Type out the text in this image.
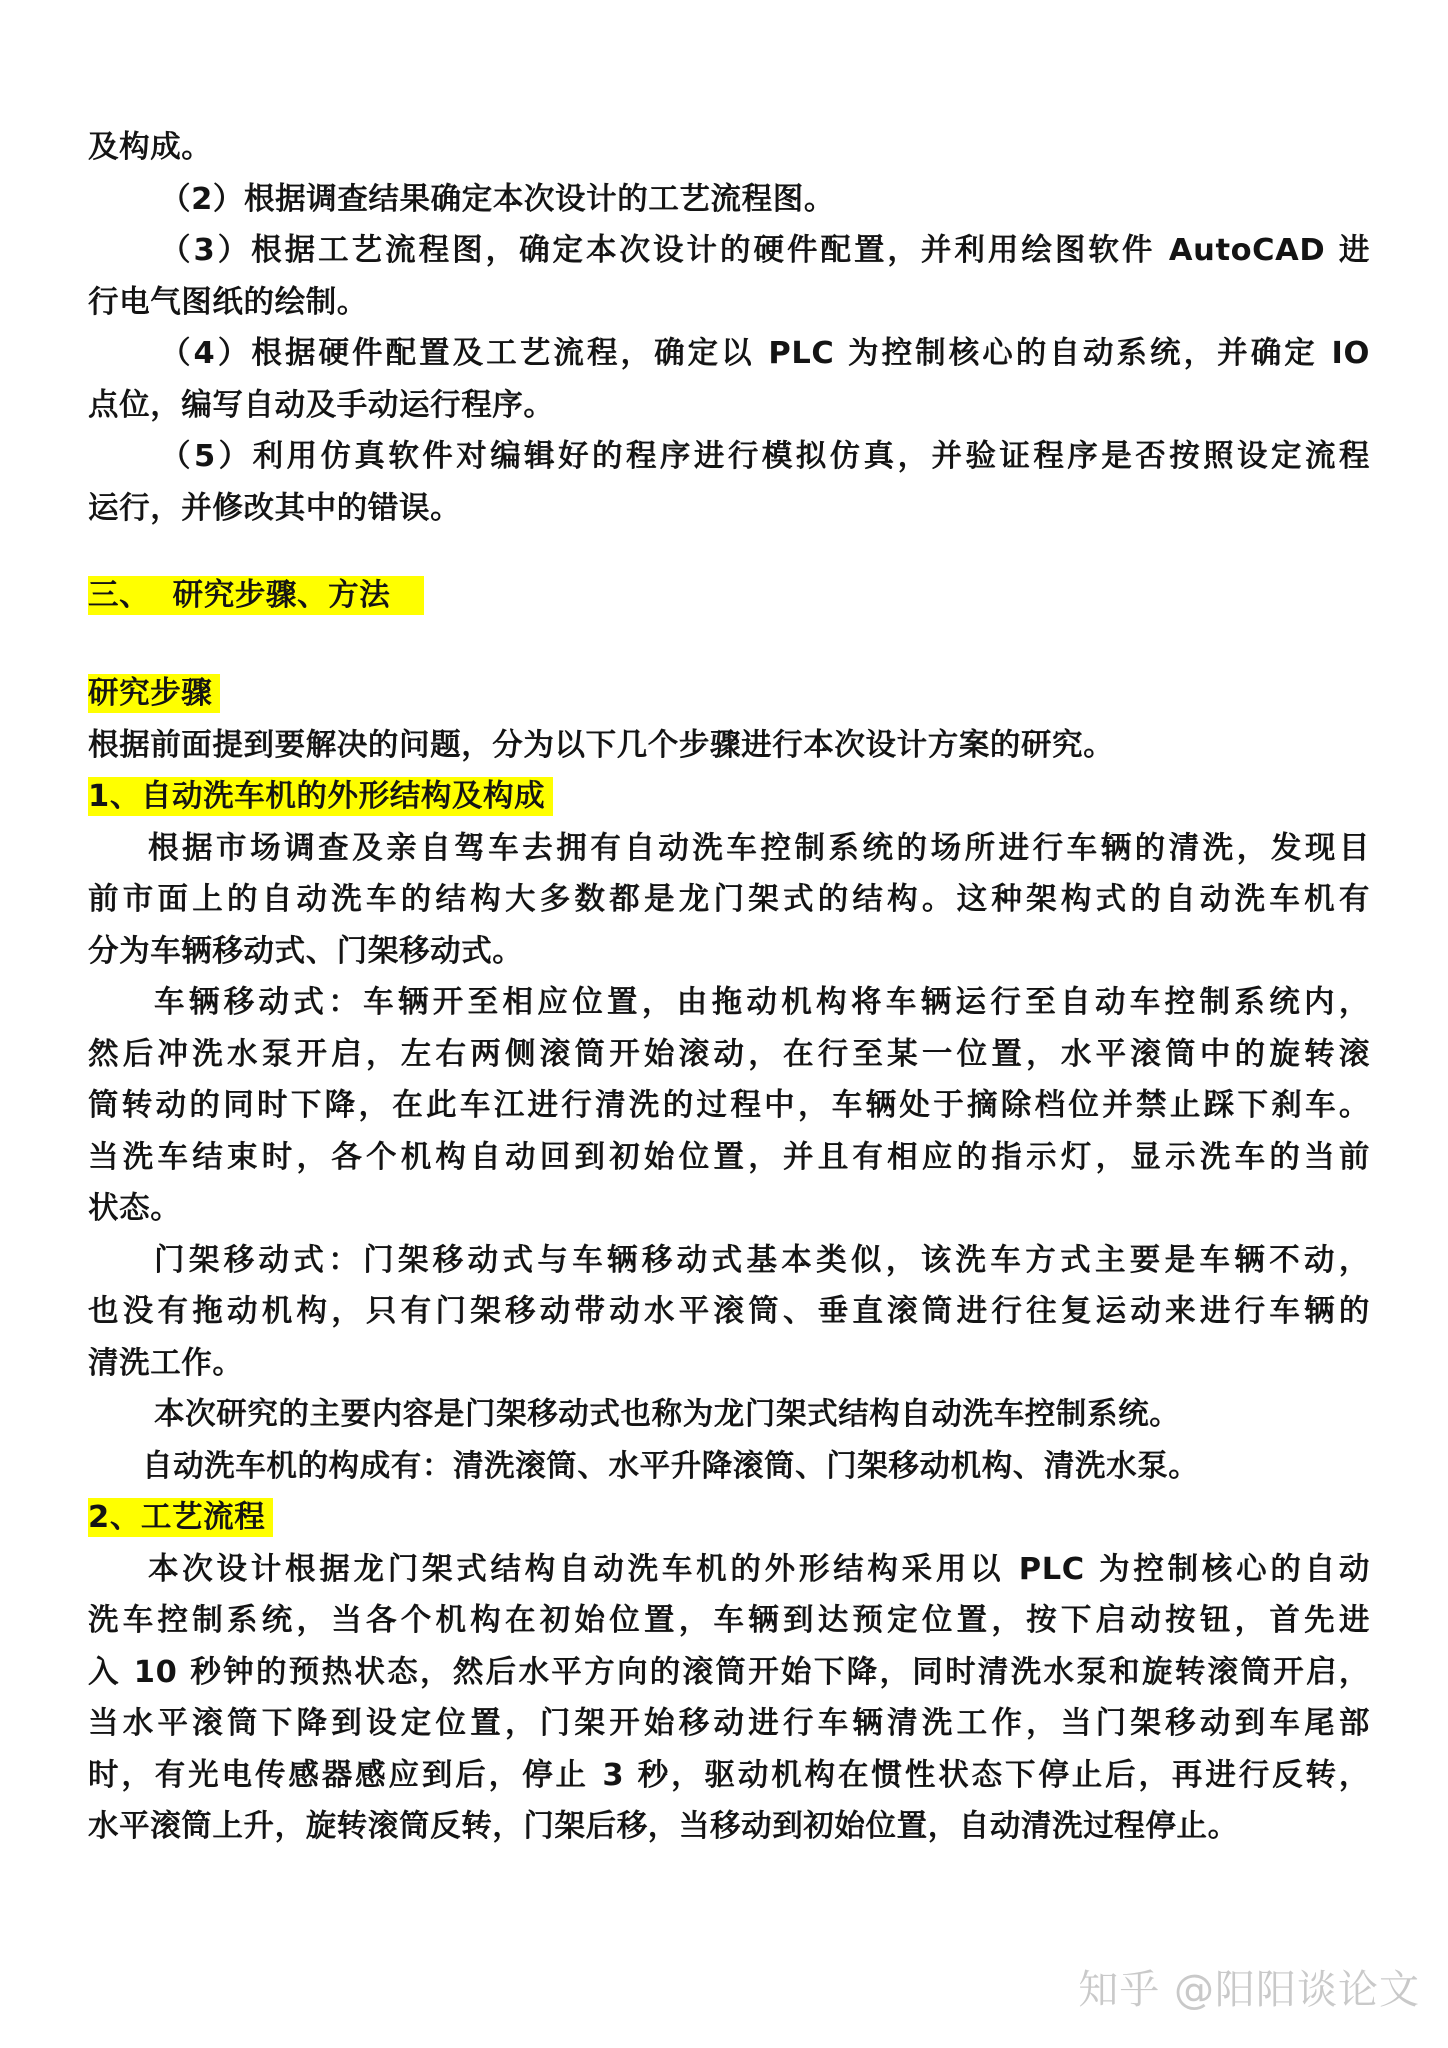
及构成。
（2）根据调查结果确定本次设计的工艺流程图。
（3）根据工艺流程图，确定本次设计的硬件配置，并利用绘图软件 AutoCAD 进
行电气图纸的绘制。
（4）根据硬件配置及工艺流程，确定以 PLC 为控制核心的自动系统，并确定 IO
点位，编写自动及手动运行程序。
（5）利用仿真软件对编辑好的程序进行模拟仿真，并验证程序是否按照设定流程
运行，并修改其中的错误。
三、  研究步骤、方法
研究步骤
根据前面提到要解决的问题，分为以下几个步骤进行本次设计方案的研究。
1、自动洗车机的外形结构及构成
根据市场调查及亲自驾车去拥有自动洗车控制系统的场所进行车辆的清洗，发现目
前市面上的自动洗车的结构大多数都是龙门架式的结构。这种架构式的自动洗车机有
分为车辆移动式、门架移动式。
车辆移动式：车辆开至相应位置，由拖动机构将车辆运行至自动车控制系统内，
然后冲洗水泵开启，左右两侧滚筒开始滚动，在行至某一位置，水平滚筒中的旋转滚
筒转动的同时下降，在此车江进行清洗的过程中，车辆处于摘除档位并禁止踩下刹车。
当洗车结束时，各个机构自动回到初始位置，并且有相应的指示灯，显示洗车的当前
状态。
门架移动式：门架移动式与车辆移动式基本类似，该洗车方式主要是车辆不动，
也没有拖动机构，只有门架移动带动水平滚筒、垂直滚筒进行往复运动来进行车辆的
清洗工作。
本次研究的主要内容是门架移动式也称为龙门架式结构自动洗车控制系统。
自动洗车机的构成有：清洗滚筒、水平升降滚筒、门架移动机构、清洗水泵。
2、工艺流程
本次设计根据龙门架式结构自动洗车机的外形结构采用以 PLC 为控制核心的自动
洗车控制系统，当各个机构在初始位置，车辆到达预定位置，按下启动按钮，首先进
入 10 秒钟的预热状态，然后水平方向的滚筒开始下降，同时清洗水泵和旋转滚筒开启，
当水平滚筒下降到设定位置，门架开始移动进行车辆清洗工作，当门架移动到车尾部
时，有光电传感器感应到后，停止 3 秒，驱动机构在惯性状态下停止后，再进行反转，
水平滚筒上升，旋转滚筒反转，门架后移，当移动到初始位置，自动清洗过程停止。
知乎 @阳阳谈论文
